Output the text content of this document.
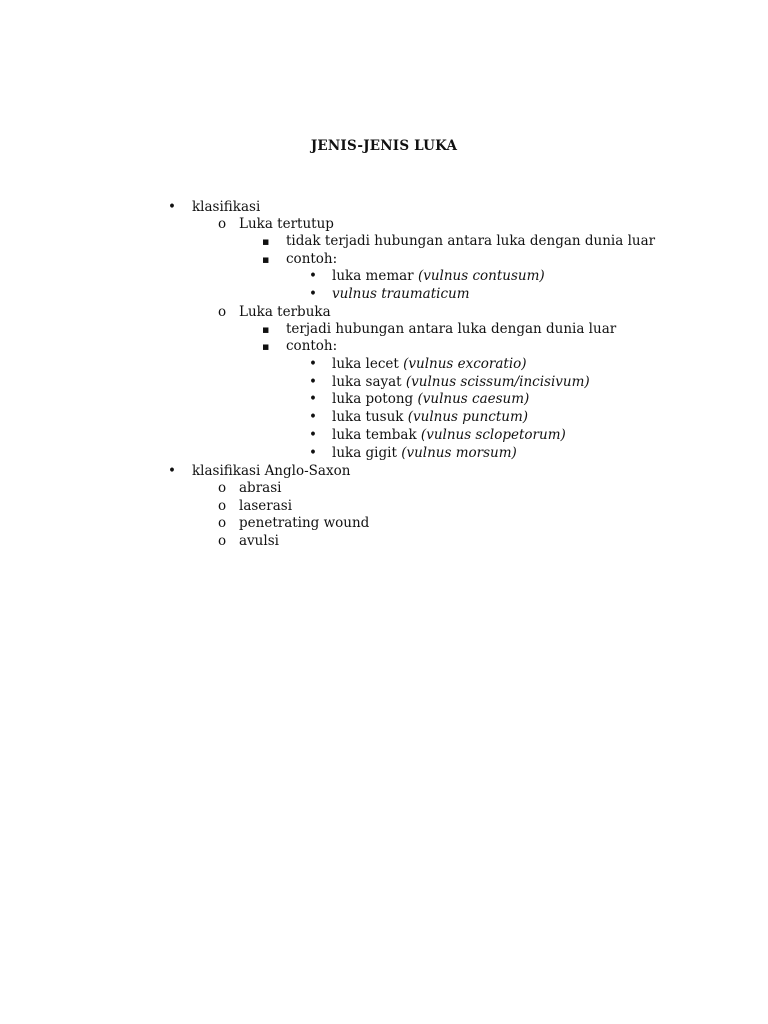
JENIS-JENIS LUKA
•
klasifikasi
o
Luka tertutup
▪
tidak terjadi hubungan antara luka dengan dunia luar
▪
contoh:
•
luka memar (vulnus contusum)
•
vulnus traumaticum
o
Luka terbuka
▪
terjadi hubungan antara luka dengan dunia luar
▪
contoh:
•
luka lecet (vulnus excoratio)
•
luka sayat (vulnus scissum/incisivum)
•
luka potong (vulnus caesum)
•
luka tusuk (vulnus punctum)
•
luka tembak (vulnus sclopetorum)
•
luka gigit (vulnus morsum)
•
klasifikasi Anglo-Saxon
o
abrasi
o
laserasi
o
penetrating wound
o
avulsi
